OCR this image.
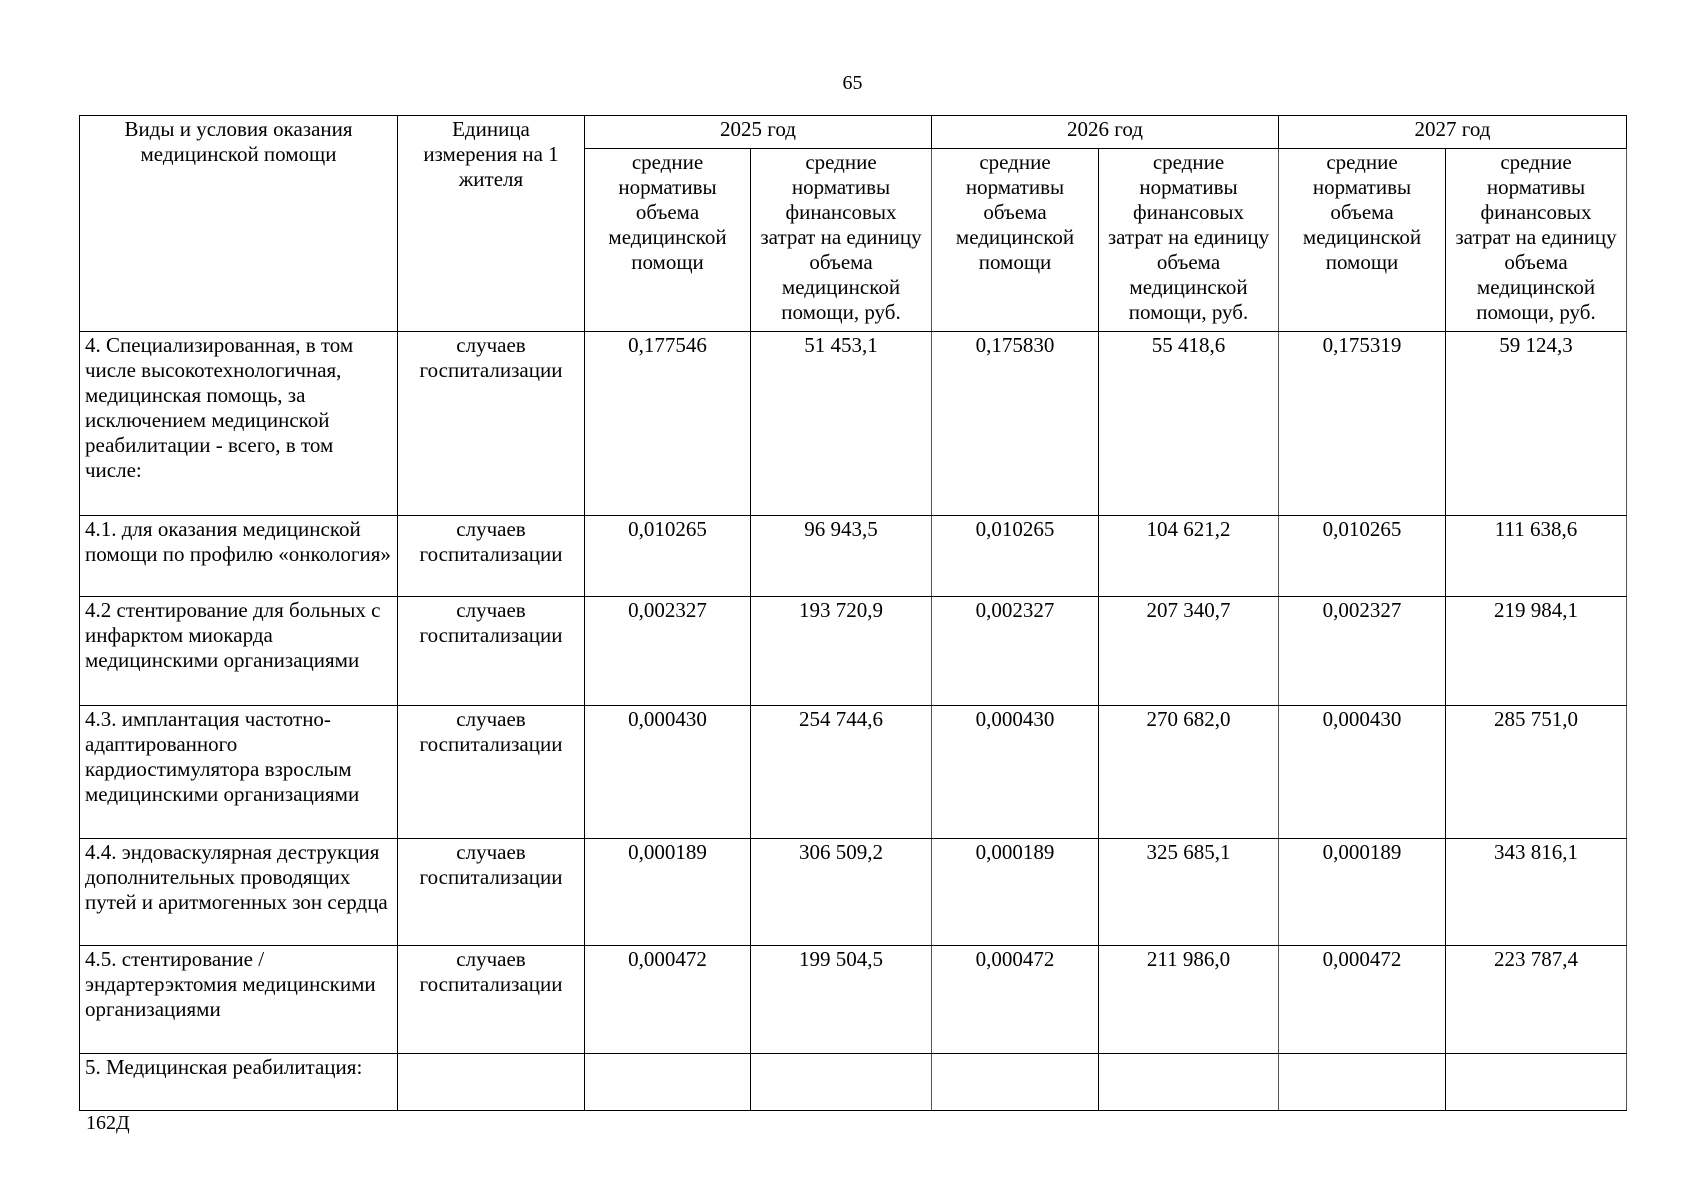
65
Виды и условия оказания медицинской помощи	Единица измерения на 1 жителя	2025 год		2026 год		2027 год	
		средние нормативы объема медицинской помощи	средние нормативы финансовых затрат на единицу объема медицинской помощи, руб.	средние нормативы объема медицинской помощи	средние нормативы финансовых затрат на единицу объема медицинской помощи, руб.	средние нормативы объема медицинской помощи	средние нормативы финансовых затрат на единицу объема медицинской помощи, руб.
4. Специализированная, в том числе высокотехнологичная, медицинская помощь, за исключением медицинской реабилитации - всего, в том числе:	случаев госпитализации	0,177546	51 453,1	0,175830	55 418,6	0,175319	59 124,3
4.1. для оказания медицинской помощи по профилю «онкология»	случаев госпитализации	0,010265	96 943,5	0,010265	104 621,2	0,010265	111 638,6
4.2 стентирование для больных с инфарктом миокарда медицинскими организациями	случаев госпитализации	0,002327	193 720,9	0,002327	207 340,7	0,002327	219 984,1
4.3. имплантация частотно-адаптированного кардиостимулятора взрослым медицинскими организациями	случаев госпитализации	0,000430	254 744,6	0,000430	270 682,0	0,000430	285 751,0
4.4. эндоваскулярная деструкция дополнительных проводящих путей и аритмогенных зон сердца	случаев госпитализации	0,000189	306 509,2	0,000189	325 685,1	0,000189	343 816,1
4.5. стентирование / эндартерэктомия медицинскими организациями	случаев госпитализации	0,000472	199 504,5	0,000472	211 986,0	0,000472	223 787,4
5. Медицинская реабилитация:							
162Д
